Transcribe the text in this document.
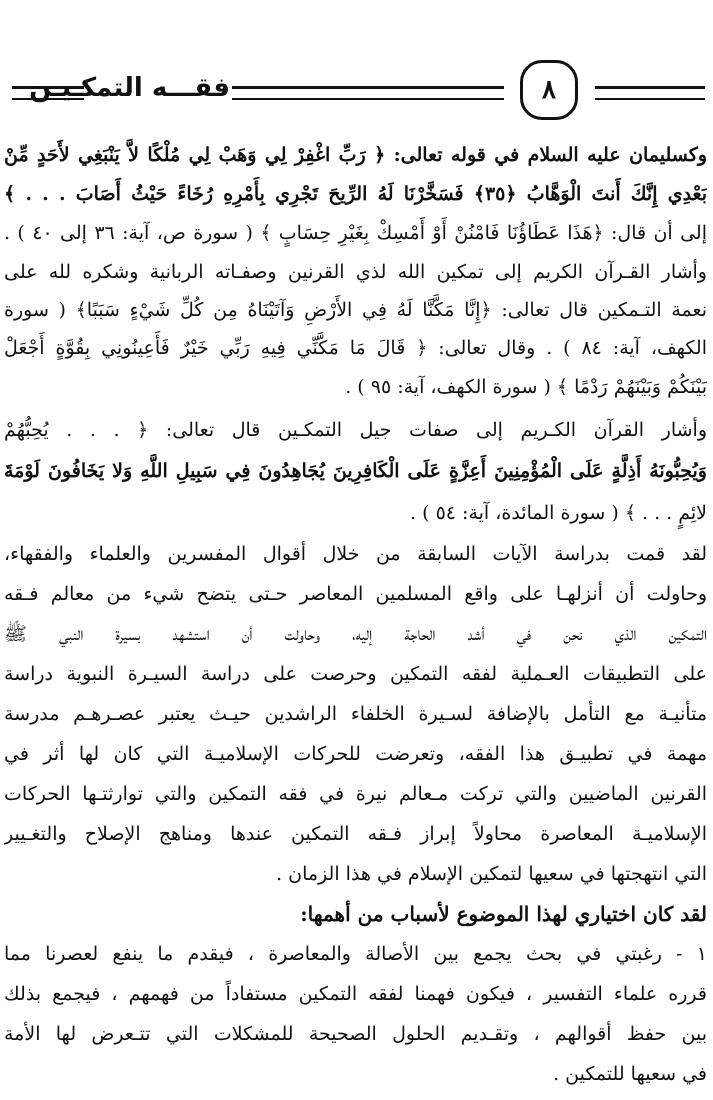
فقـــه التمكـيـن	٨
وكسليمان عليه السلام في قوله تعالى: ﴿ رَبِّ اغْفِرْ لِي وَهَبْ لِي مُلْكًا لاَّ يَنْبَغِي لأَحَدٍ مِّنْ
بَعْدِي إِنَّكَ أَنتَ الْوَهَّابُ ﴿٣٥﴾ فَسَخَّرْنَا لَهُ الرِّيحَ تَجْرِي بِأَمْرِهِ رُخَاءً حَيْثُ أَصَابَ . . . ﴾
إلى أن قال: ﴿هَذَا عَطَاؤُنَا فَامْنُنْ أَوْ أَمْسِكْ بِغَيْرِ حِسَابٍ ﴾ ( سورة ص، آية: ٣٦ إلى ٤٠ ) .
وأشار القـرآن الكريم إلى تمكين الله لذي القرنين وصفـاته الربانية وشكره لله على
نعمة التـمكين قال تعالى: ﴿إِنَّا مَكَّنَّا لَهُ فِي الأَرْضِ وَآتَيْنَاهُ مِن كُلِّ شَيْءٍ سَبَبًا﴾ ( سورة
الكهف، آية: ٨٤ ) . وقال تعالى: ﴿ قَالَ مَا مَكَّنِّي فِيهِ رَبِّي خَيْرٌ فَأَعِينُونِي بِقُوَّةٍ أَجْعَلْ
بَيْنَكُمْ وَبَيْنَهُمْ رَدْمًا ﴾ ( سورة الكهف، آية: ٩٥ ) .
وأشار القرآن الكـريم إلى صفات جيل التمكـين قال تعالى: ﴿ . . . يُحِبُّهُمْ
وَيُحِبُّونَهُ أَذِلَّةٍ عَلَى الْمُؤْمِنِينَ أَعِزَّةٍ عَلَى الْكَافِرِينَ يُجَاهِدُونَ فِي سَبِيلِ اللَّهِ وَلا يَخَافُونَ لَوْمَةَ
لائِمٍ . . . ﴾ ( سورة المائدة، آية: ٥٤ ) .
لقد قمت بدراسة الآيات السابقة من خلال أقوال المفسرين والعلماء والفقهاء،
وحاولت أن أنزلهـا على واقع المسلمين المعاصر حـتى يتضح شيء من معالم فـقه
التمكين الذي نحن في أشد الحاجة إليه، وحاولت أن استشهد بسيرة النبي ﷺ
على التطبيقات العـملية لفقه التمكين وحرصت على دراسة السيـرة النبوية دراسة
متأنيـة مع التأمل بالإضافة لسـيرة الخلفاء الراشدين حيـث يعتبر عصـرهـم مدرسة
مهمة في تطبيـق هذا الفقه، وتعرضت للحركات الإسلاميـة التي كان لها أثر في
القرنين الماضيين والتي تركت مـعالم نيرة في فقه التمكين والتي توارثتـها الحركات
الإسلاميـة المعاصرة محاولاً إبراز فـقه التمكين عندها ومناهج الإصلاح والتغـيير
التي انتهجتها في سعيها لتمكين الإسلام في هذا الزمان .
لقد كان اختياري لهذا الموضوع لأسباب من أهمها:
١ - رغبتي في بحث يجمع بين الأصالة والمعاصرة ، فيقدم ما ينفع لعصرنا مما
قرره علماء التفسير ، فيكون فهمنا لفقه التمكين مستفاداً من فهمهم ، فيجمع بذلك
بين حفظ أقوالهم ، وتقـديم الحلول الصحيحة للمشكلات التي تتـعرض لها الأمة
في سعيها للتمكين .
